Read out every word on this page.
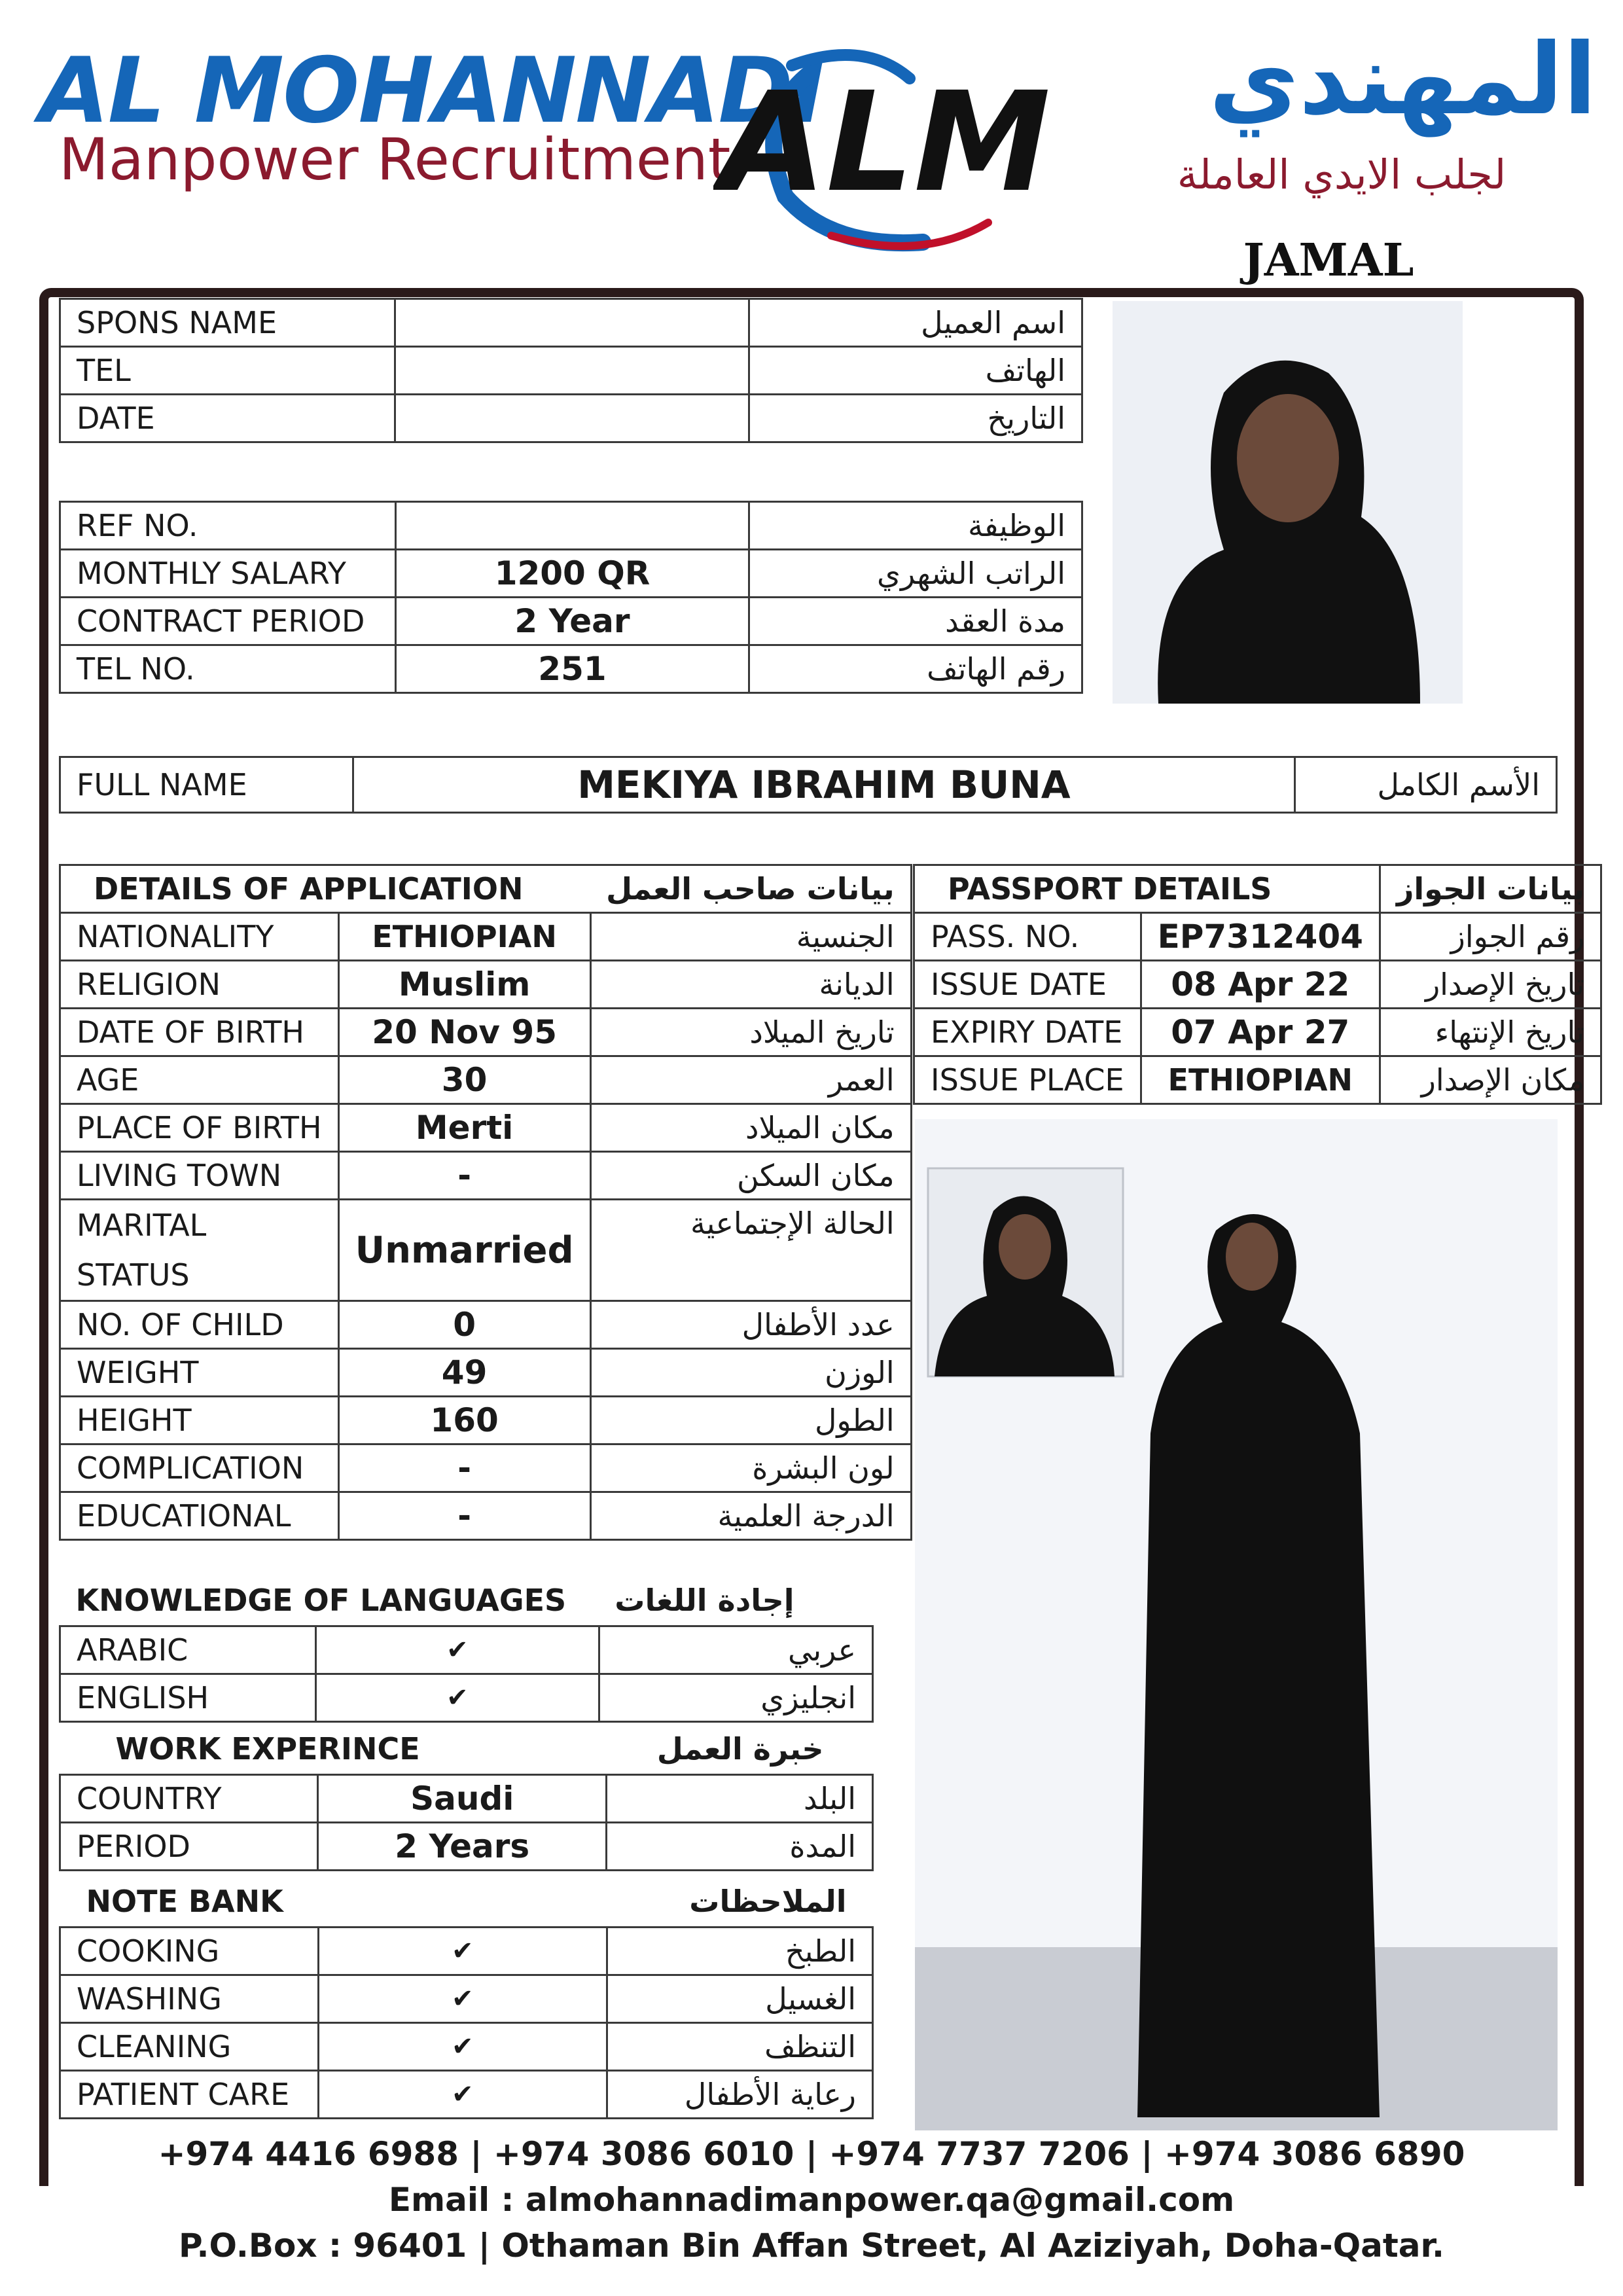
AL MOHANNADI
Manpower Recruitment
ALM	المهندي
لجلب الايدي العاملة
JAMAL
SPONS NAME		اسم العميل
TEL		الهاتف
DATE		التاريخ
REF NO.		الوظيفة
MONTHLY SALARY	1200 QR	الراتب الشهري
CONTRACT PERIOD	2 Year	مدة العقد
TEL NO.	251	رقم الهاتف
FULL NAME	MEKIYA IBRAHIM BUNA	الأسم الكامل
DETAILS OF APPLICATION		بيانات صاحب العمل
NATIONALITY	ETHIOPIAN	الجنسية
RELIGION	Muslim	الديانة
DATE OF BIRTH	20 Nov 95	تاريخ الميلاد
AGE	30	العمر
PLACE OF BIRTH	Merti	مكان الميلاد
LIVING TOWN	-	مكان السكن
MARITAL STATUS	Unmarried	الحالة الإجتماعية
NO. OF CHILD	0	عدد الأطفال
WEIGHT	49	الوزن
HEIGHT	160	الطول
COMPLICATION	-	لون البشرة
EDUCATIONAL	-	الدرجة العلمية
KNOWLEDGE OF LANGUAGES		إجادة اللغات
ARABIC	✔	عربي
ENGLISH	✔	انجليزي
WORK EXPERINCE		خبرة العمل
COUNTRY	Saudi	البلد
PERIOD	2 Years	المدة
NOTE BANK		الملاحظات
COOKING	✔	الطبخ
WASHING	✔	الغسيل
CLEANING	✔	التنظف
PATIENT CARE	✔	رعاية الأطفال
PASSPORT DETAILS		بيانات الجواز
PASS. NO.	EP7312404	رقم الجواز
ISSUE DATE	08 Apr 22	تاريخ الإصدار
EXPIRY DATE	07 Apr 27	تاريخ الإنتهاء
ISSUE PLACE	ETHIOPIAN	مكان الإصدار
+974 4416 6988 | +974 3086 6010 | +974 7737 7206 | +974 3086 6890
Email : almohannadimanpower.qa@gmail.com
P.O.Box : 96401 | Othaman Bin Affan Street, Al Aziziyah, Doha-Qatar.
